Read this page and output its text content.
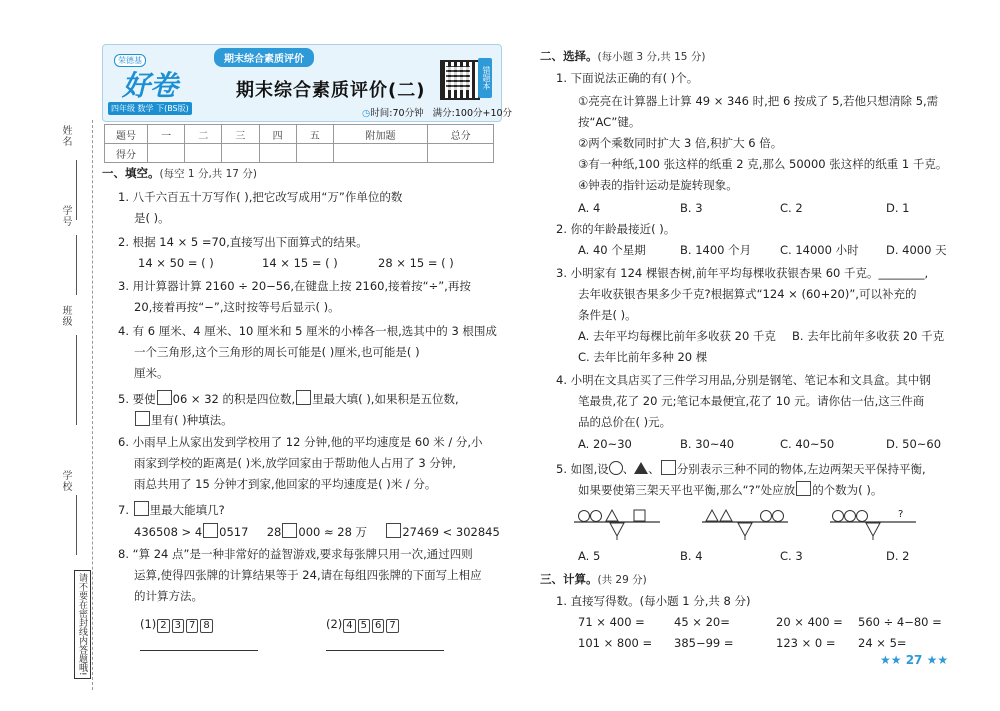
姓名
学号
班级
学校
请不要在密封线内答题哦!
荣德基
好卷
四年级 数学 下(BS版)
期末综合素质评价
期末综合素质评价(二)
错题本
◷时间:70分钟 满分:100分+10分
题号	一	二	三	四	五	附加题	总分
得分							
一、填空。(每空 1 分,共 17 分)
1. 八千六百五十万写作( ),把它改写成用“万”作单位的数
是( )。
2. 根据 14 × 5 =70,直接写出下面算式的结果。
14 × 50 = ( )	14 × 15 = ( )	28 × 15 = ( )
3. 用计算器计算 2160 ÷ 20−56,在键盘上按 2160,接着按“÷”,再按
20,接着再按“−”,这时按等号后显示( )。
4. 有 6 厘米、4 厘米、10 厘米和 5 厘米的小棒各一根,选其中的 3 根围成
一个三角形,这个三角形的周长可能是( )厘米,也可能是( )
厘米。
5. 要使 06 × 32 的积是四位数, 里最大填( ),如果积是五位数,
里有( )种填法。
6. 小雨早上从家出发到学校用了 12 分钟,他的平均速度是 60 米 / 分,小
雨家到学校的距离是( )米,放学回家由于帮助他人占用了 3 分钟,
雨总共用了 15 分钟才到家,他回家的平均速度是( )米 / 分。
7. 里最大能填几?
436508 > 4 0517 28 000 ≈ 28 万	27469 < 302845
8. “算 24 点”是一种非常好的益智游戏,要求每张牌只用一次,通过四则
运算,使得四张牌的计算结果等于 24,请在每组四张牌的下面写上相应
的计算方法。
(1) 2 3 7 8	(2) 4 5 6 7
二、选择。(每小题 3 分,共 15 分)
1. 下面说法正确的有( )个。
①亮亮在计算器上计算 49 × 346 时,把 6 按成了 5,若他只想清除 5,需
按“AC”键。
②两个乘数同时扩大 3 倍,积扩大 6 倍。
③有一种纸,100 张这样的纸重 2 克,那么 50000 张这样的纸重 1 千克。
④钟表的指针运动是旋转现象。
A. 4	B. 3	C. 2	D. 1
2. 你的年龄最接近( )。
A. 40 个星期	B. 1400 个月	C. 14000 小时 D. 4000 天
3. 小明家有 124 棵银杏树,前年平均每棵收获银杏果 60 千克。________,
去年收获银杏果多少千克?根据算式“124 × (60+20)”,可以补充的
条件是( )。
A. 去年平均每棵比前年多收获 20 千克 B. 去年比前年多收获 20 千克
C. 去年比前年多种 20 棵
4. 小明在文具店买了三件学习用品,分别是钢笔、笔记本和文具盒。其中钢
笔最贵,花了 20 元;笔记本最便宜,花了 10 元。请你估一估,这三件商
品的总价在( )元。
A. 20~30	B. 30~40	C. 40~50	D. 50~60
5. 如图,设 、 、 分别表示三种不同的物体,左边两架天平保持平衡,
如果要使第三架天平也平衡,那么“?”处应放 的个数为( )。
?
A. 5	B. 4	C. 3	D. 2
三、计算。(共 29 分)
1. 直接写得数。(每小题 1 分,共 8 分)
71 × 400 =	45 × 20=	20 × 400 = 560 ÷ 4−80 =
101 × 800 = 385−99 =	123 × 0 = 24 × 5=
★★ 27 ★★
